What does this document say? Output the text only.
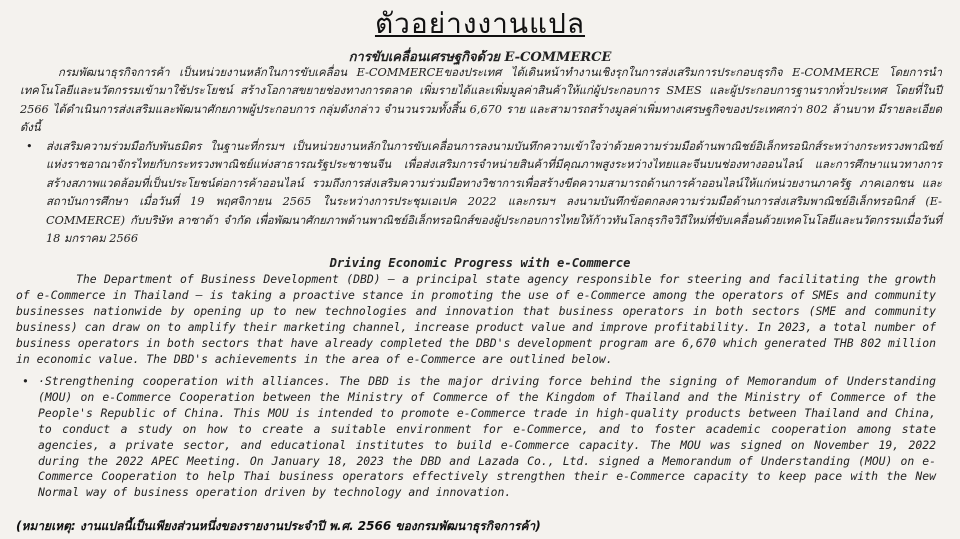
ตัวอย่างงานแปล
การขับเคลื่อนเศรษฐกิจด้วย E-COMMERCE
กรมพัฒนาธุรกิจการค้า เป็นหน่วยงานหลักในการขับเคลื่อน E-COMMERCEของประเทศ ได้เดินหน้าทำงานเชิงรุกในการส่งเสริมการประกอบธุรกิจ E-COMMERCE โดยการนำเทคโนโลยีและนวัตกรรมเข้ามาใช้ประโยชน์ สร้างโอกาสขยายช่องทางการตลาด เพิ่มรายได้และเพิ่มมูลค่าสินค้าให้แก่ผู้ประกอบการ SMES และผู้ประกอบการฐานรากทั่วประเทศ โดยที่ในปี 2566 ได้ดำเนินการส่งเสริมและพัฒนาศักยภาพผู้ประกอบการ กลุ่มดังกล่าว จำนวนรวมทั้งสิ้น 6,670 ราย และสามารถสร้างมูลค่าเพิ่มทางเศรษฐกิจของประเทศกว่า 802 ล้านบาท มีรายละเอียดดังนี้
• ส่งเสริมความร่วมมือกับพันธมิตร ในฐานะที่กรมฯ เป็นหน่วยงานหลักในการขับเคลื่อนการลงนามบันทึกความเข้าใจว่าด้วยความร่วมมือด้านพาณิชย์อิเล็กทรอนิกส์ระหว่างกระทรวงพาณิชย์แห่งราชอาณาจักรไทยกับกระทรวงพาณิชย์แห่งสาธารณรัฐประชาชนจีน เพื่อส่งเสริมการจำหน่ายสินค้าที่มีคุณภาพสูงระหว่างไทยและจีนบนช่องทางออนไลน์ และการศึกษาแนวทางการสร้างสภาพแวดล้อมที่เป็นประโยชน์ต่อการค้าออนไลน์ รวมถึงการส่งเสริมความร่วมมือทางวิชาการเพื่อสร้างขีดความสามารถด้านการค้าออนไลน์ให้แก่หน่วยงานภาครัฐ ภาคเอกชน และสถาบันการศึกษา เมื่อวันที่ 19 พฤศจิกายน 2565 ในระหว่างการประชุมเอเปค 2022 และกรมฯ ลงนามบันทึกข้อตกลงความร่วมมือด้านการส่งเสริมพาณิชย์อิเล็กทรอนิกส์ (E-COMMERCE) กับบริษัท ลาซาด้า จำกัด เพื่อพัฒนาศักยภาพด้านพาณิชย์อิเล็กทรอนิกส์ของผู้ประกอบการไทยให้ก้าวทันโลกธุรกิจวิถีใหม่ที่ขับเคลื่อนด้วยเทคโนโลยีและนวัตกรรมเมื่อวันที่ 18 มกราคม 2566
Driving Economic Progress with e-Commerce
The Department of Business Development (DBD) – a principal state agency responsible for steering and facilitating the growth of e-Commerce in Thailand – is taking a proactive stance in promoting the use of e-Commerce among the operators of SMEs and community businesses nationwide by opening up to new technologies and innovation that business operators in both sectors (SME and community business) can draw on to amplify their marketing channel, increase product value and improve profitability. In 2023, a total number of business operators in both sectors that have already completed the DBD's development program are 6,670 which generated THB 802 million in economic value. The DBD's achievements in the area of e-Commerce are outlined below.
• ·Strengthening cooperation with alliances. The DBD is the major driving force behind the signing of Memorandum of Understanding (MOU) on e-Commerce Cooperation between the Ministry of Commerce of the Kingdom of Thailand and the Ministry of Commerce of the People's Republic of China. This MOU is intended to promote e-Commerce trade in high-quality products between Thailand and China, to conduct a study on how to create a suitable environment for e-Commerce, and to foster academic cooperation among state agencies, a private sector, and educational institutes to build e-Commerce capacity. The MOU was signed on November 19, 2022 during the 2022 APEC Meeting. On January 18, 2023 the DBD and Lazada Co., Ltd. signed a Memorandum of Understanding (MOU) on e-Commerce Cooperation to help Thai business operators effectively strengthen their e-Commerce capacity to keep pace with the New Normal way of business operation driven by technology and innovation.
(หมายเหตุ: งานแปลนี้เป็นเพียงส่วนหนึ่งของรายงานประจำปี พ.ศ. 2566 ของกรมพัฒนาธุรกิจการค้า)
